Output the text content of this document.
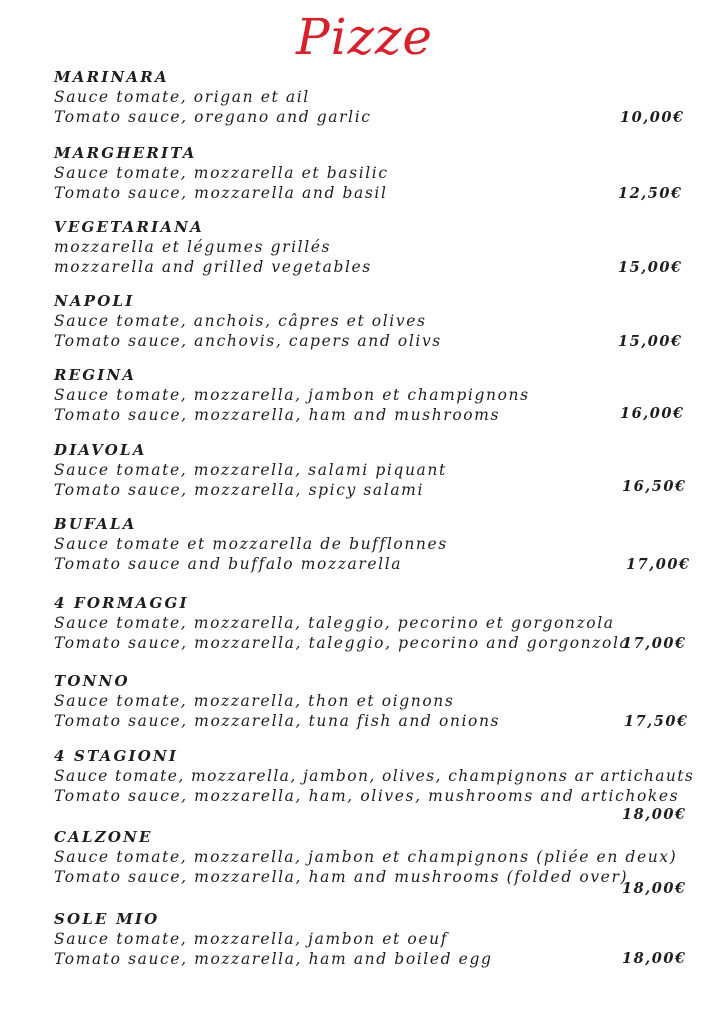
Pizze
MARINARA
Sauce tomate, origan et ail
Tomato sauce, oregano and garlic	10,00€
MARGHERITA
Sauce tomate, mozzarella et basilic
Tomato sauce, mozzarella and basil	12,50€
VEGETARIANA
mozzarella et légumes grillés
mozzarella and grilled vegetables	15,00€
NAPOLI
Sauce tomate, anchois, câpres et olives
Tomato sauce, anchovis, capers and olivs	15,00€
REGINA
Sauce tomate, mozzarella, jambon et champignons
Tomato sauce, mozzarella, ham and mushrooms	16,00€
DIAVOLA
Sauce tomate, mozzarella, salami piquant
Tomato sauce, mozzarella, spicy salami	16,50€
BUFALA
Sauce tomate et mozzarella de bufflonnes
Tomato sauce and buffalo mozzarella	17,00€
4 FORMAGGI
Sauce tomate, mozzarella, taleggio, pecorino et gorgonzola
Tomato sauce, mozzarella, taleggio, pecorino and gorgonzola
17,00€
TONNO
Sauce tomate, mozzarella, thon et oignons
Tomato sauce, mozzarella, tuna fish and onions	17,50€
4 STAGIONI
Sauce tomate, mozzarella, jambon, olives, champignons ar artichauts
Tomato sauce, mozzarella, ham, olives, mushrooms and artichokes
18,00€
CALZONE
Sauce tomate, mozzarella, jambon et champignons (pliée en deux)
Tomato sauce, mozzarella, ham and mushrooms (folded over)
18,00€
SOLE MIO
Sauce tomate, mozzarella, jambon et oeuf
Tomato sauce, mozzarella, ham and boiled egg	18,00€
